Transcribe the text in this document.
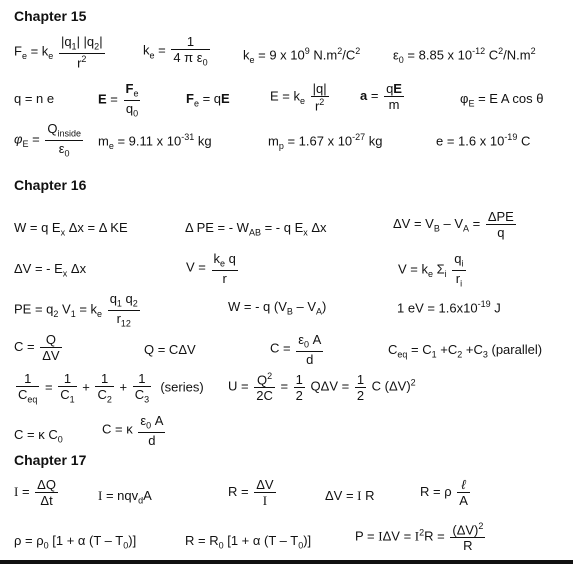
Chapter 15
$F_e = k_e \frac{|q_1| |q_2|}{r^2}$	$k_e = \frac{1}{4 \pi \varepsilon_0}$	$k_e = 9$ x $10^9$ $N.m^2/C^2$	$\varepsilon_0 = 8.85$ x $10^{-12}$ $C^2/N.m^2$
q = n e	$E = \frac{F_e}{q_0}$	$F_e$ = qE	$E = k_e \frac{|q|}{r^2}$ $a = \frac{qE}{m}$	$\varphi_E = E$ A cos θ
$\varphi_E = \frac{Q_{inside}}{\varepsilon_0} m_e = 9.11$ x $10^{-31}$ kg	$m_p = 1.67$ x $10^{-27}$ kg	e = 1.6 x $10^{-19}$ C
Chapter 16
W = q $E_x$ Δx = Δ KE	Δ PE = - $W_{AB}$ = - q $E_x$ Δx	$\Delta V = V_B - V_A = \frac{\text{ΔPE}}{q}$
ΔV = - $E_x$ Δx	$V = \frac{k_e q}{r}$	$V = k_e$ $\Sigma_i \frac{q_i}{r_i}$
PE = $q_2$ $V_1 = k_e \frac{q_1 q_2}{r_{12}}$	W = - q $(V_B - V_A)$	1 eV = $1.6x10^{-19}$ J
$C = \frac{Q}{\Delta V}$	Q = CΔV	$C = \frac{\varepsilon_0 A}{d}$	$C_{eq} = C_1 +C_2 +C_3$ (parallel)
$\frac{1}{C_{eq}} = \frac{1}{C_1} + \frac{1}{C_2} + \frac{1}{C_3}$ (series) $U = \frac{Q^2}{2C} = \frac{1}{2}$ $Q\Delta V = \frac{1}{2}$ C $(\Delta V)^2$
C = κ $C_0$
C = κ $\frac{\varepsilon_0 A}{d}$
Chapter 17
$I = \frac{\Delta Q}{\Delta t}$	I = nqv$_d$A	$R = \frac{\Delta V}{I}$	ΔV = I R	R = ρ $\frac{\text{ℓ}}{A}$
$\rho = \rho_0$ [1 + α $(T - T_0)$]	$R = R_0$ [1 + α $(T - T_0)$]	$P = I\Delta V = I^2R = \frac{(\Delta V)^2}{R}$
